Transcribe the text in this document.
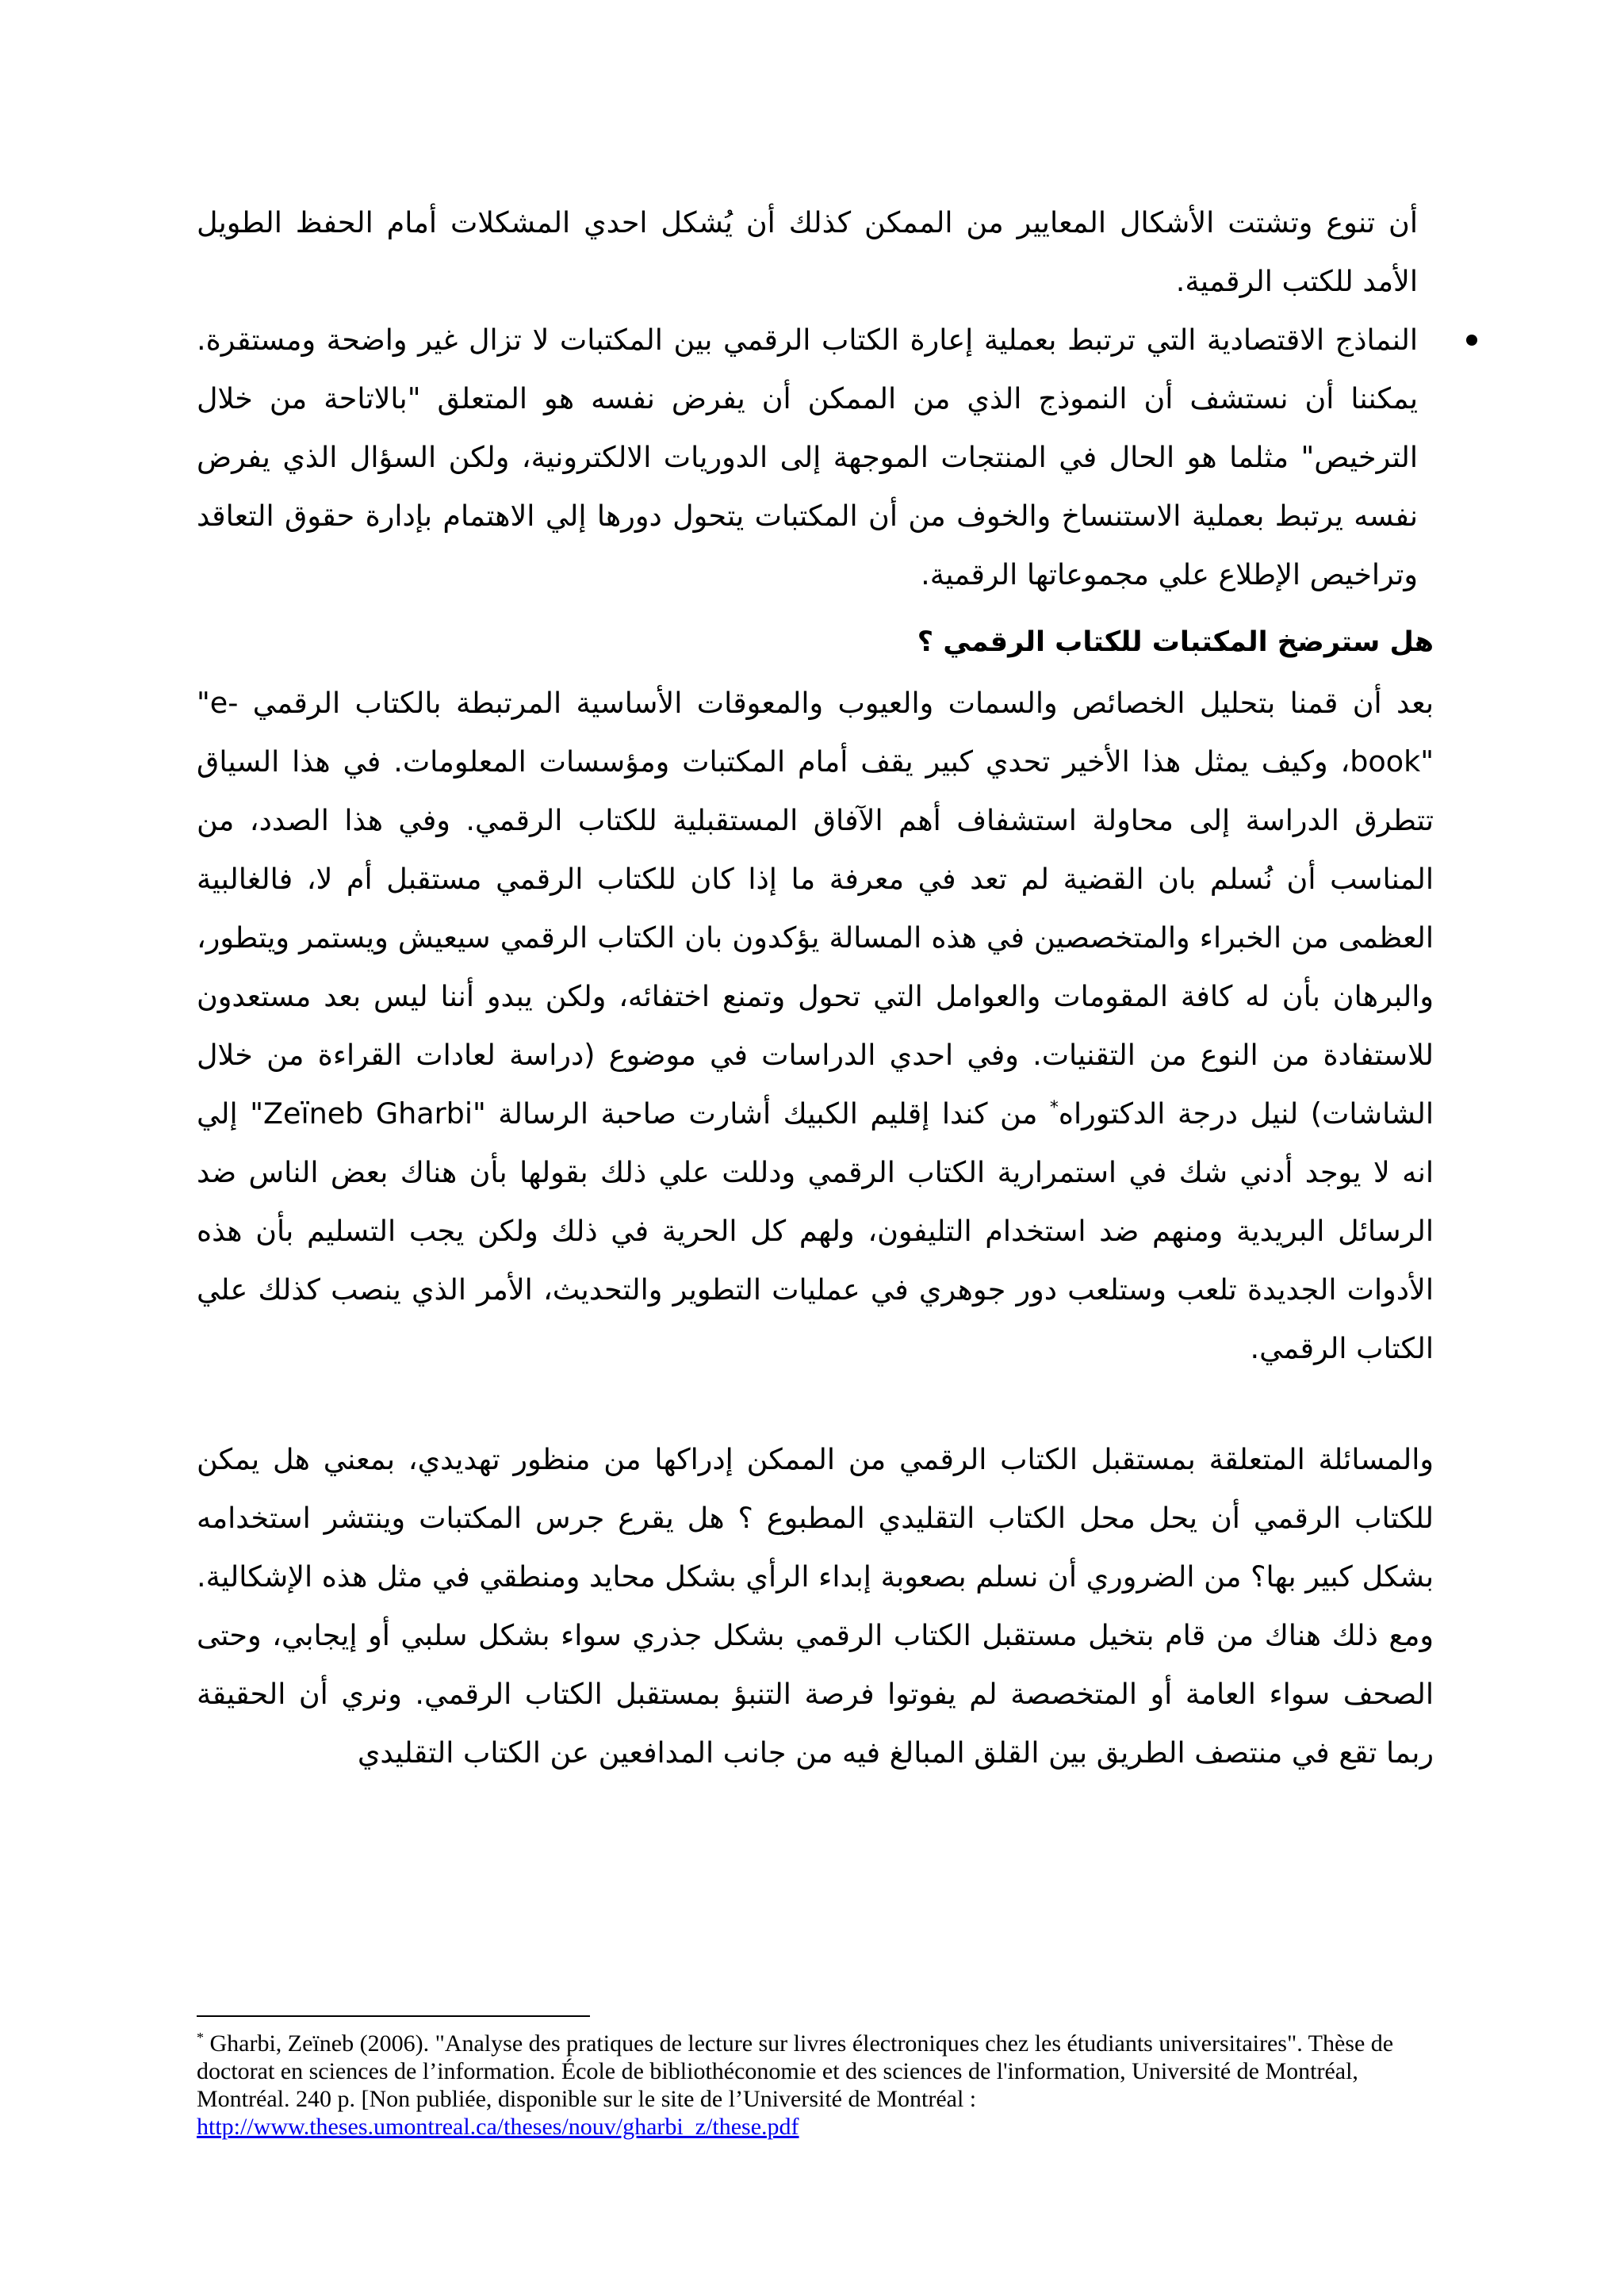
أن تنوع وتشتت الأشكال المعايير من الممكن كذلك أن يُشكل احدي المشكلات أمام الحفظ الطويل الأمد للكتب الرقمية.

النماذج الاقتصادية التي ترتبط بعملية إعارة الكتاب الرقمي بين المكتبات لا تزال غير واضحة ومستقرة. يمكننا أن نستشف أن النموذج الذي من الممكن أن يفرض نفسه هو المتعلق "بالاتاحة من خلال الترخيص" مثلما هو الحال في المنتجات الموجهة إلى الدوريات الالكترونية، ولكن السؤال الذي يفرض نفسه يرتبط بعملية الاستنساخ والخوف من أن المكتبات يتحول دورها إلي الاهتمام بإدارة حقوق التعاقد وتراخيص الإطلاع علي مجموعاتها الرقمية.
هل سترضخ المكتبات للكتاب الرقمي ؟

بعد أن قمنا بتحليل الخصائص والسمات والعيوب والمعوقات الأساسية المرتبطة بالكتاب الرقمي "e-book"، وكيف يمثل هذا الأخير تحدي كبير يقف أمام المكتبات ومؤسسات المعلومات. في هذا السياق تتطرق الدراسة إلى محاولة استشفاف أهم الآفاق المستقبلية للكتاب الرقمي. وفي هذا الصدد، من المناسب أن نُسلم بان القضية لم تعد في معرفة ما إذا كان للكتاب الرقمي مستقبل أم لا، فالغالبية العظمى من الخبراء والمتخصصين في هذه المسالة يؤكدون بان الكتاب الرقمي سيعيش ويستمر ويتطور، والبرهان بأن له كافة المقومات والعوامل التي تحول وتمنع اختفائه، ولكن يبدو أننا ليس بعد مستعدون للاستفادة من النوع من التقنيات. وفي احدي الدراسات في موضوع (دراسة لعادات القراءة من خلال الشاشات) لنيل درجة الدكتوراه* من كندا إقليم الكبيك أشارت صاحبة الرسالة "Zeïneb Gharbi" إلي انه لا يوجد أدني شك في استمرارية الكتاب الرقمي ودللت علي ذلك بقولها بأن هناك بعض الناس ضد الرسائل البريدية ومنهم ضد استخدام التليفون، ولهم كل الحرية في ذلك ولكن يجب التسليم بأن هذه الأدوات الجديدة تلعب وستلعب دور جوهري في عمليات التطوير والتحديث، الأمر الذي ينصب كذلك علي الكتاب الرقمي.

والمسائلة المتعلقة بمستقبل الكتاب الرقمي من الممكن إدراكها من منظور تهديدي، بمعني هل يمكن للكتاب الرقمي أن يحل محل الكتاب التقليدي المطبوع ؟ هل يقرع جرس المكتبات وينتشر استخدامه بشكل كبير بها؟ من الضروري أن نسلم بصعوبة إبداء الرأي بشكل محايد ومنطقي في مثل هذه الإشكالية. ومع ذلك هناك من قام بتخيل مستقبل الكتاب الرقمي بشكل جذري سواء بشكل سلبي أو إيجابي، وحتى الصحف سواء العامة أو المتخصصة لم يفوتوا فرصة التنبؤ بمستقبل الكتاب الرقمي. ونري أن الحقيقة ربما تقع في منتصف الطريق بين القلق المبالغ فيه من جانب المدافعين عن الكتاب التقليدي

* Gharbi, Zeïneb (2006). "Analyse des pratiques de lecture sur livres électroniques chez les étudiants universitaires". Thèse de doctorat en sciences de l’information. École de bibliothéconomie et des sciences de l'information, Université de Montréal, Montréal. 240 p. [Non publiée, disponible sur le site de l’Université de Montréal : http://www.theses.umontreal.ca/theses/nouv/gharbi_z/these.pdf
